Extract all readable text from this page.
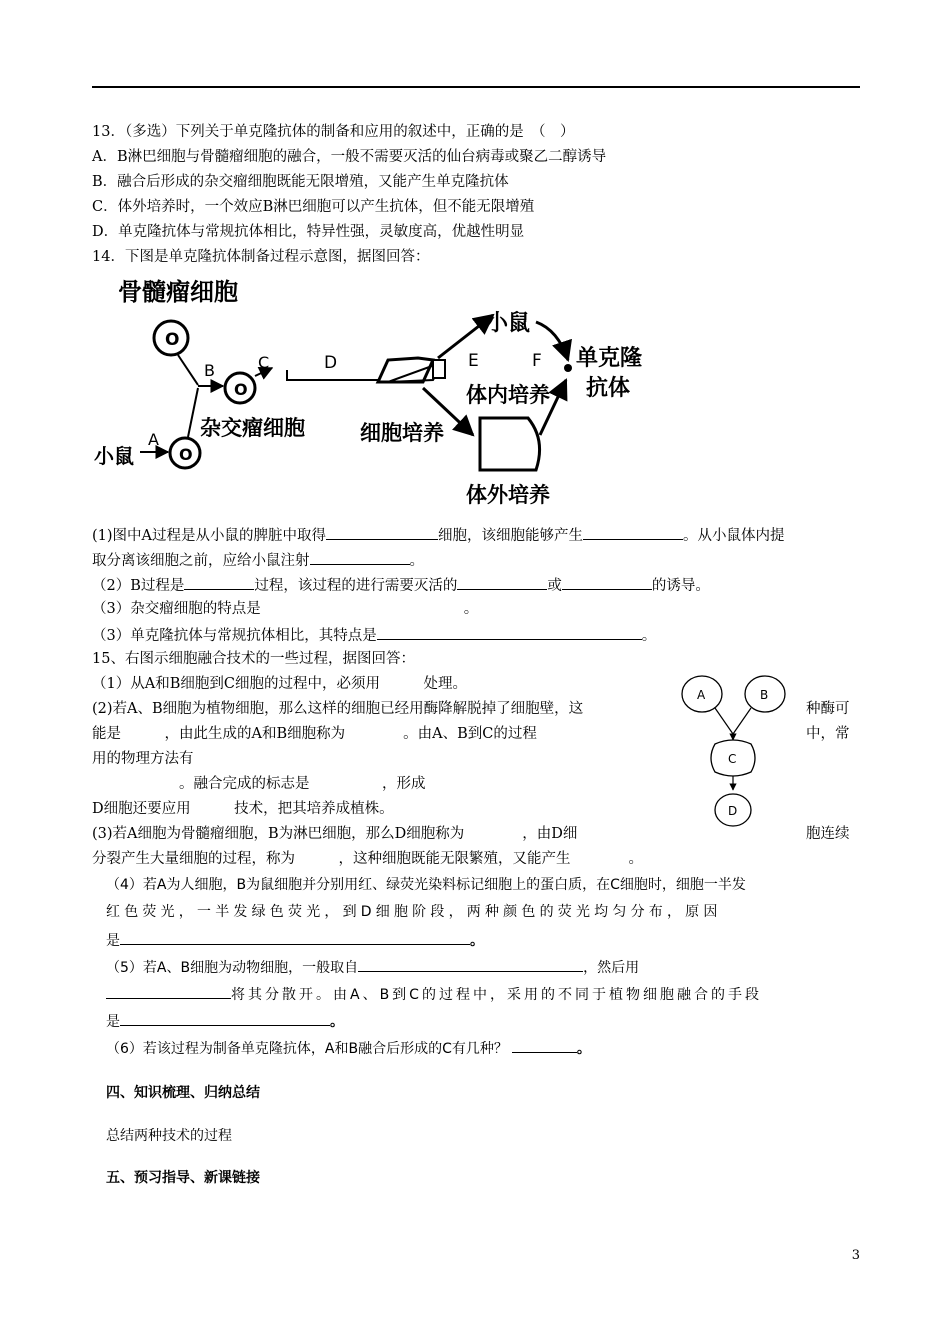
13．（多选）下列关于单克隆抗体的制备和应用的叙述中，正确的是　（　）
A．B淋巴细胞与骨髓瘤细胞的融合，一般不需要灭活的仙台病毒或聚乙二醇诱导
B．融合后形成的杂交瘤细胞既能无限增殖，又能产生单克隆抗体
C．体外培养时，一个效应B淋巴细胞可以产生抗体，但不能无限增殖
D．单克隆抗体与常规抗体相比，特异性强，灵敏度高，优越性明显
14．下图是单克隆抗体制备过程示意图，据图回答：
骨髓瘤细胞
O
小鼠
A
O
B
O
杂交瘤细胞
C	D	E
小鼠
F 单克隆
抗体
体内培养
细胞培养
体外培养
(1)图中A过程是从小鼠的脾脏中取得	细胞，该细胞能够产生	。从小鼠体内提
取分离该细胞之前，应给小鼠注射	。
（2）B过程是	过程，该过程的进行需要灭活的	或	的诱导。
（3）杂交瘤细胞的特点是　　　　　　　　　　　　　　。
（3）单克隆抗体与常规抗体相比，其特点是	。
15、右图示细胞融合技术的一些过程，据图回答：
（1）从A和B细胞到C细胞的过程中，必须用　　　处理。
(2)若A、B细胞为植物细胞，那么这样的细胞已经用酶降解脱掉了细胞壁，这	种酶可
能是　　　，由此生成的A和B细胞称为　　　　。由A、B到C的过程	中，常
用的物理方法有
　　　　　　。融合完成的标志是　　　　　，形成
D细胞还要应用　　　技术，把其培养成植株。
(3)若A细胞为骨髓瘤细胞，B为淋巴细胞，那么D细胞称为　　　　，由D细	胞连续
分裂产生大量细胞的过程，称为　　　，这种细胞既能无限繁殖，又能产生　　　　。
A	B
C
D
（4）若A为人细胞，B为鼠细胞并分别用红、绿荧光染料标记细胞上的蛋白质，在C细胞时，细胞一半发
红色荧光，一半发绿色荧光，到D细胞阶段，两种颜色的荧光均匀分布，原因
是	。
（5）若A、B细胞为动物细胞，一般取自	，然后用
将其分散开。由A、B到C的过程中，采用的不同于植物细胞融合的手段
是	。
（6）若该过程为制备单克隆抗体，A和B融合后形成的C有几种？	。
四、知识梳理、归纳总结
总结两种技术的过程
五、预习指导、新课链接
3
